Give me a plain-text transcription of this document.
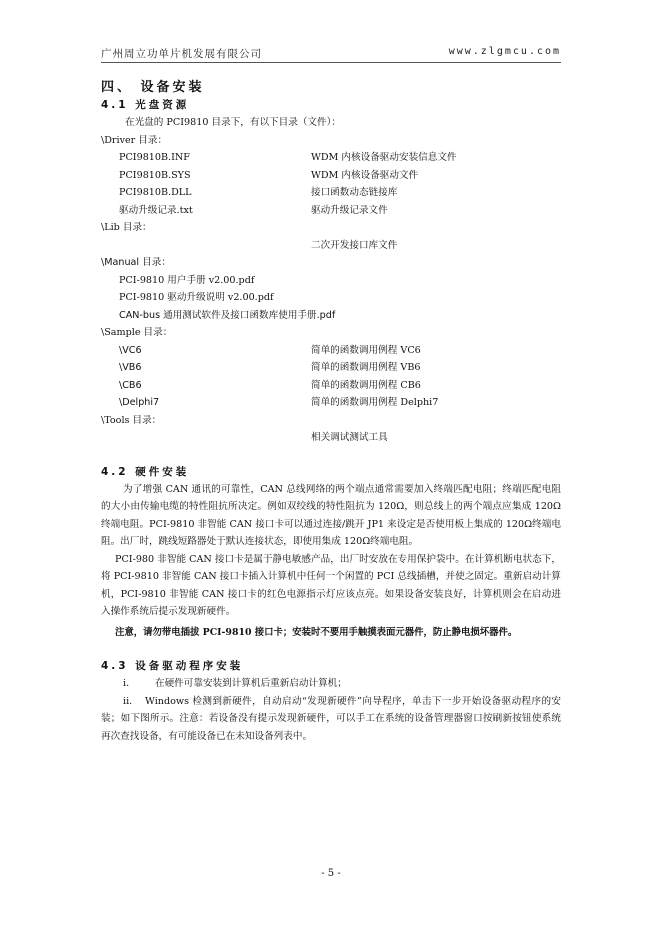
广州周立功单片机发展有限公司	www.zlgmcu.com

四、 设备安装

4.1 光盘资源

在光盘的 PCI9810 目录下，有以下目录（文件）：

\Driver 目录：

PCI9810B.INF	WDM 内核设备驱动安装信息文件
PCI9810B.SYS	WDM 内核设备驱动文件
PCI9810B.DLL	接口函数动态链接库
驱动升级记录.txt	驱动升级记录文件

\Lib 目录：

二次开发接口库文件

\Manual 目录：

PCI-9810 用户手册 v2.00.pdf
PCI-9810 驱动升级说明 v2.00.pdf
CAN-bus 通用测试软件及接口函数库使用手册.pdf

\Sample 目录：

\VC6	简单的函数调用例程 VC6
\VB6	简单的函数调用例程 VB6
\CB6	简单的函数调用例程 CB6
\Delphi7	简单的函数调用例程 Delphi7

\Tools 目录：

相关调试测试工具

4.2 硬件安装

为了增强 CAN 通讯的可靠性，CAN 总线网络的两个端点通常需要加入终端匹配电阻；终端匹配电阻的大小由传输电缆的特性阻抗所决定。例如双绞线的特性阻抗为 120Ω，则总线上的两个端点应集成 120Ω终端电阻。PCI-9810 非智能 CAN 接口卡可以通过连接/跳开 JP1 来设定是否使用板上集成的 120Ω终端电阻。出厂时，跳线短路器处于默认连接状态，即使用集成 120Ω终端电阻。

PCI-980 非智能 CAN 接口卡是属于静电敏感产品，出厂时安放在专用保护袋中。在计算机断电状态下，将 PCI-9810 非智能 CAN 接口卡插入计算机中任何一个闲置的 PCI 总线插槽，并使之固定。重新启动计算机，PCI-9810 非智能 CAN 接口卡的红色电源指示灯应该点亮。如果设备安装良好，计算机则会在启动进入操作系统后提示发现新硬件。

注意，请勿带电插拔 PCI-9810 接口卡；安装时不要用手触摸表面元器件，防止静电损坏器件。

4.3 设备驱动程序安装

i.	在硬件可靠安装到计算机后重新启动计算机；
ii. Windows 检测到新硬件，自动启动“发现新硬件”向导程序，单击下一步开始设备驱动程序的安装；如下图所示。注意：若设备没有提示发现新硬件，可以手工在系统的设备管理器窗口按刷新按钮使系统再次查找设备，有可能设备已在未知设备列表中。
- 5 -
